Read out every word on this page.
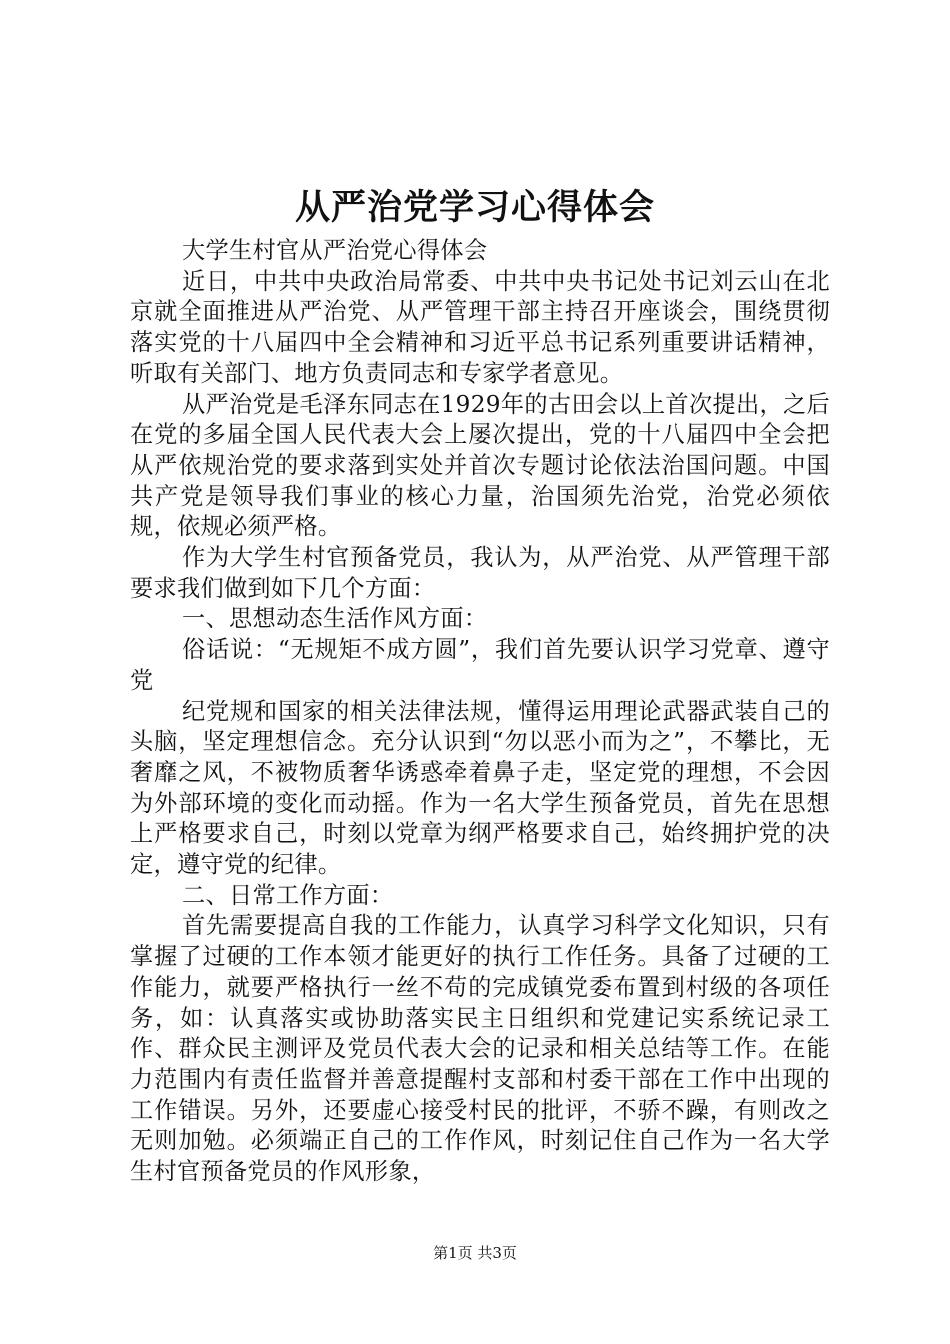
从严治党学习心得体会

大学生村官从严治党心得体会

近日，中共中央政治局常委、中共中央书记处书记刘云山在北京就全面推进从严治党、从严管理干部主持召开座谈会，围绕贯彻落实党的十八届四中全会精神和习近平总书记系列重要讲话精神，听取有关部门、地方负责同志和专家学者意见。

从严治党是毛泽东同志在1929年的古田会以上首次提出，之后在党的多届全国人民代表大会上屡次提出，党的十八届四中全会把从严依规治党的要求落到实处并首次专题讨论依法治国问题。中国共产党是领导我们事业的核心力量，治国须先治党，治党必须依规，依规必须严格。

作为大学生村官预备党员，我认为，从严治党、从严管理干部要求我们做到如下几个方面：

一、思想动态生活作风方面：

俗话说：“无规矩不成方圆”，我们首先要认识学习党章、遵守党

纪党规和国家的相关法律法规，懂得运用理论武器武装自己的头脑，坚定理想信念。充分认识到“勿以恶小而为之”，不攀比，无奢靡之风，不被物质奢华诱惑牵着鼻子走，坚定党的理想，不会因为外部环境的变化而动摇。作为一名大学生预备党员，首先在思想上严格要求自己，时刻以党章为纲严格要求自己，始终拥护党的决定，遵守党的纪律。

二、日常工作方面：

首先需要提高自我的工作能力，认真学习科学文化知识，只有掌握了过硬的工作本领才能更好的执行工作任务。具备了过硬的工作能力，就要严格执行一丝不苟的完成镇党委布置到村级的各项任务，如：认真落实或协助落实民主日组织和党建记实系统记录工作、群众民主测评及党员代表大会的记录和相关总结等工作。在能力范围内有责任监督并善意提醒村支部和村委干部在工作中出现的工作错误。另外，还要虚心接受村民的批评，不骄不躁，有则改之无则加勉。必须端正自己的工作作风，时刻记住自己作为一名大学生村官预备党员的作风形象，

第1页 共3页
